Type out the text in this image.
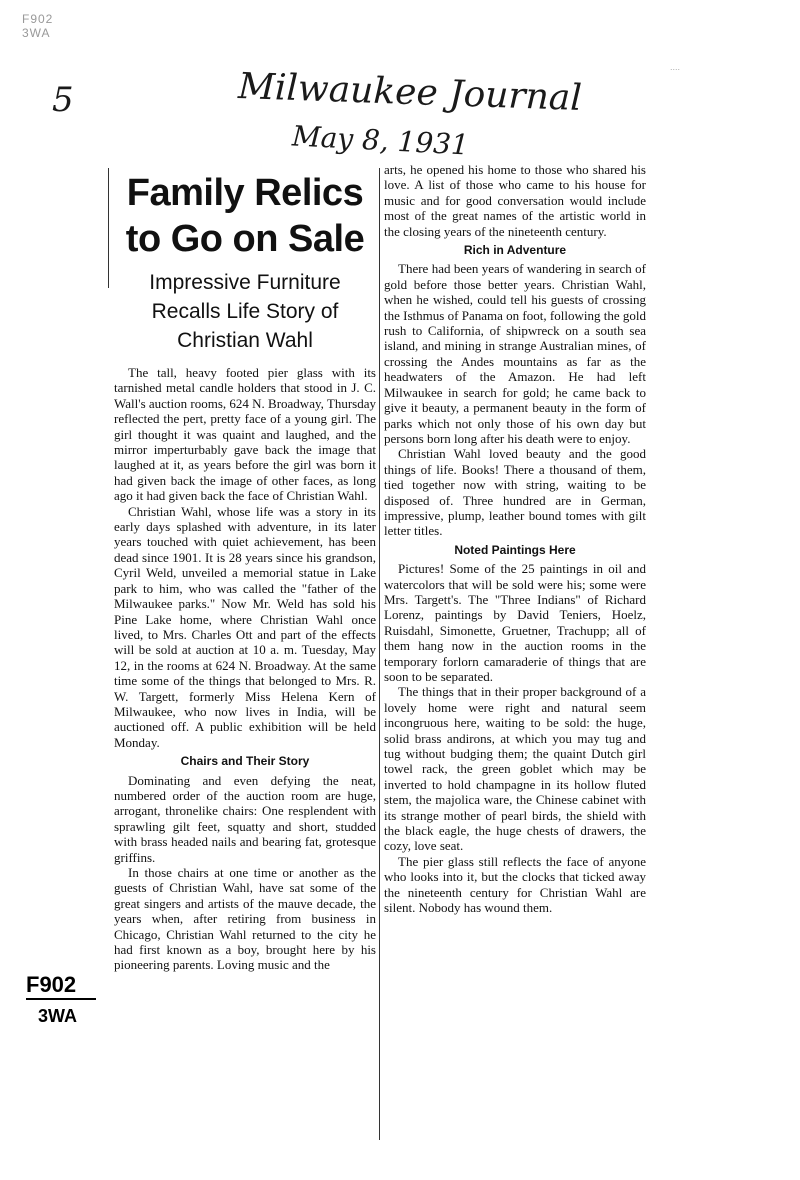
F902
3WA
....
5	Milwaukee Journal
May 8, 1931
Family Relics to Go on Sale
Impressive Furniture Recalls Life Story of Christian Wahl

The tall, heavy footed pier glass with its tarnished metal candle holders that stood in J. C. Wall's auction rooms, 624 N. Broadway, Thursday reflected the pert, pretty face of a young girl. The girl thought it was quaint and laughed, and the mirror imperturbably gave back the image that laughed at it, as years before the girl was born it had given back the image of other faces, as long ago it had given back the face of Christian Wahl.

Christian Wahl, whose life was a story in its early days splashed with adventure, in its later years touched with quiet achievement, has been dead since 1901. It is 28 years since his grandson, Cyril Weld, unveiled a memorial statue in Lake park to him, who was called the "father of the Milwaukee parks." Now Mr. Weld has sold his Pine Lake home, where Christian Wahl once lived, to Mrs. Charles Ott and part of the effects will be sold at auction at 10 a. m. Tuesday, May 12, in the rooms at 624 N. Broadway. At the same time some of the things that belonged to Mrs. R. W. Targett, formerly Miss Helena Kern of Milwaukee, who now lives in India, will be auctioned off. A public exhibition will be held Monday.

Chairs and Their Story

Dominating and even defying the neat, numbered order of the auction room are huge, arrogant, thronelike chairs: One resplendent with sprawling gilt feet, squatty and short, studded with brass headed nails and bearing fat, grotesque griffins.

In those chairs at one time or another as the guests of Christian Wahl, have sat some of the great singers and artists of the mauve decade, the years when, after retiring from business in Chicago, Christian Wahl returned to the city he had first known as a boy, brought here by his pioneering parents. Loving music and the

arts, he opened his home to those who shared his love. A list of those who came to his house for music and for good conversation would include most of the great names of the artistic world in the closing years of the nineteenth century.

Rich in Adventure

There had been years of wandering in search of gold before those better years. Christian Wahl, when he wished, could tell his guests of crossing the Isthmus of Panama on foot, following the gold rush to California, of shipwreck on a south sea island, and mining in strange Australian mines, of crossing the Andes mountains as far as the headwaters of the Amazon. He had left Milwaukee in search for gold; he came back to give it beauty, a permanent beauty in the form of parks which not only those of his own day but persons born long after his death were to enjoy.

Christian Wahl loved beauty and the good things of life. Books! There a thousand of them, tied together now with string, waiting to be disposed of. Three hundred are in German, impressive, plump, leather bound tomes with gilt letter titles.

Noted Paintings Here

Pictures! Some of the 25 paintings in oil and watercolors that will be sold were his; some were Mrs. Targett's. The "Three Indians" of Richard Lorenz, paintings by David Teniers, Hoelz, Ruisdahl, Simonette, Gruetner, Trachupp; all of them hang now in the auction rooms in the temporary forlorn camaraderie of things that are soon to be separated.

The things that in their proper background of a lovely home were right and natural seem incongruous here, waiting to be sold: the huge, solid brass andirons, at which you may tug and tug without budging them; the quaint Dutch girl towel rack, the green goblet which may be inverted to hold champagne in its hollow fluted stem, the majolica ware, the Chinese cabinet with its strange mother of pearl birds, the shield with the black eagle, the huge chests of drawers, the cozy, love seat.

The pier glass still reflects the face of anyone who looks into it, but the clocks that ticked away the nineteenth century for Christian Wahl are silent. Nobody has wound them.

F902
3WA
